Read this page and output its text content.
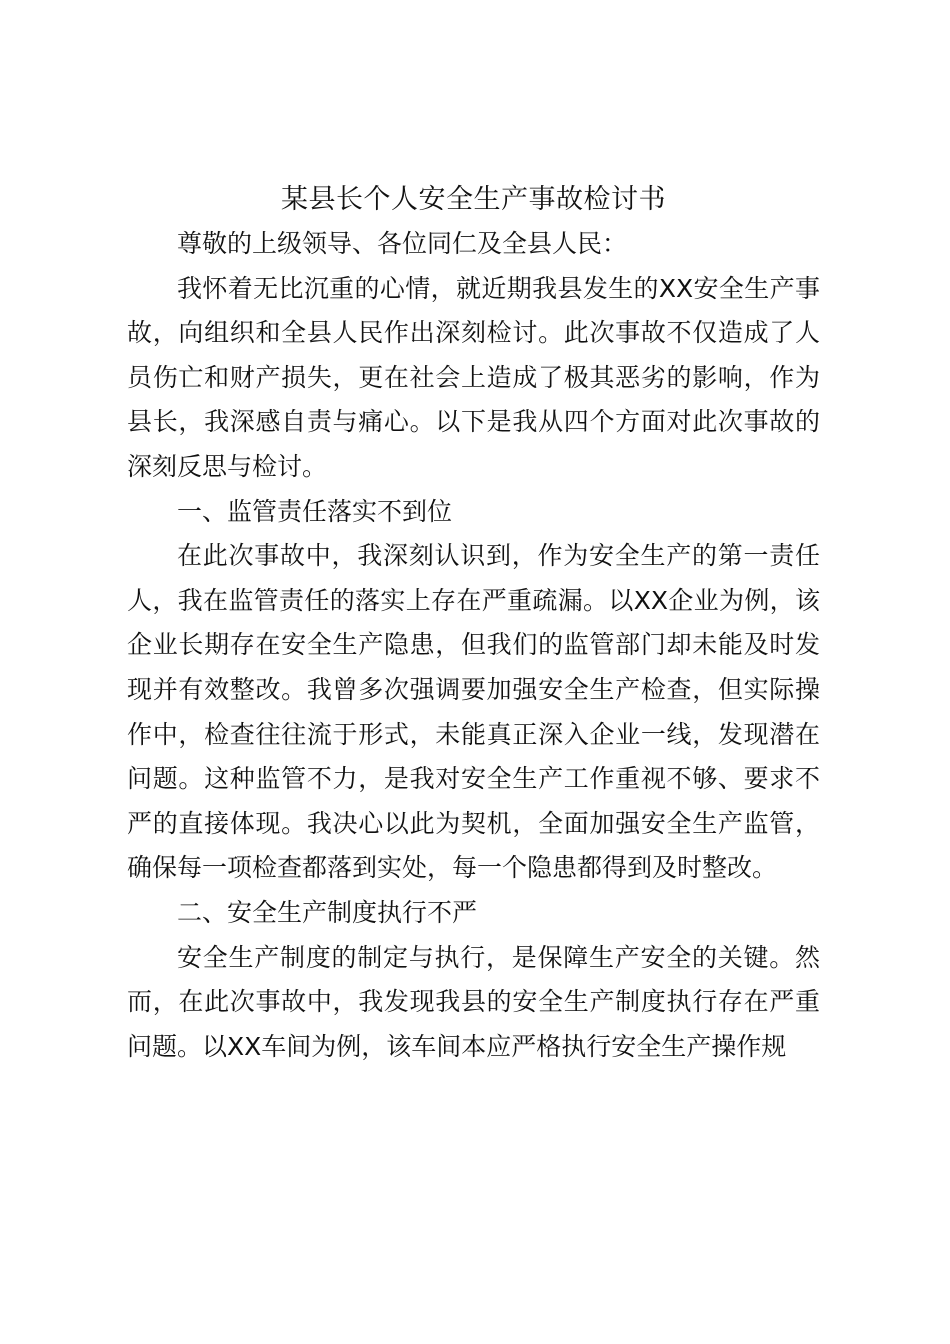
某县长个人安全生产事故检讨书

尊敬的上级领导、各位同仁及全县人民：

我怀着无比沉重的心情，就近期我县发生的XX安全生产事故，向组织和全县人民作出深刻检讨。此次事故不仅造成了人员伤亡和财产损失，更在社会上造成了极其恶劣的影响，作为县长，我深感自责与痛心。以下是我从四个方面对此次事故的深刻反思与检讨。

一、监管责任落实不到位

在此次事故中，我深刻认识到，作为安全生产的第一责任人，我在监管责任的落实上存在严重疏漏。以XX企业为例，该企业长期存在安全生产隐患，但我们的监管部门却未能及时发现并有效整改。我曾多次强调要加强安全生产检查，但实际操作中，检查往往流于形式，未能真正深入企业一线，发现潜在问题。这种监管不力，是我对安全生产工作重视不够、要求不严的直接体现。我决心以此为契机，全面加强安全生产监管，确保每一项检查都落到实处，每一个隐患都得到及时整改。

二、安全生产制度执行不严

安全生产制度的制定与执行，是保障生产安全的关键。然而，在此次事故中，我发现我县的安全生产制度执行存在严重问题。以XX车间为例，该车间本应严格执行安全生产操作规
